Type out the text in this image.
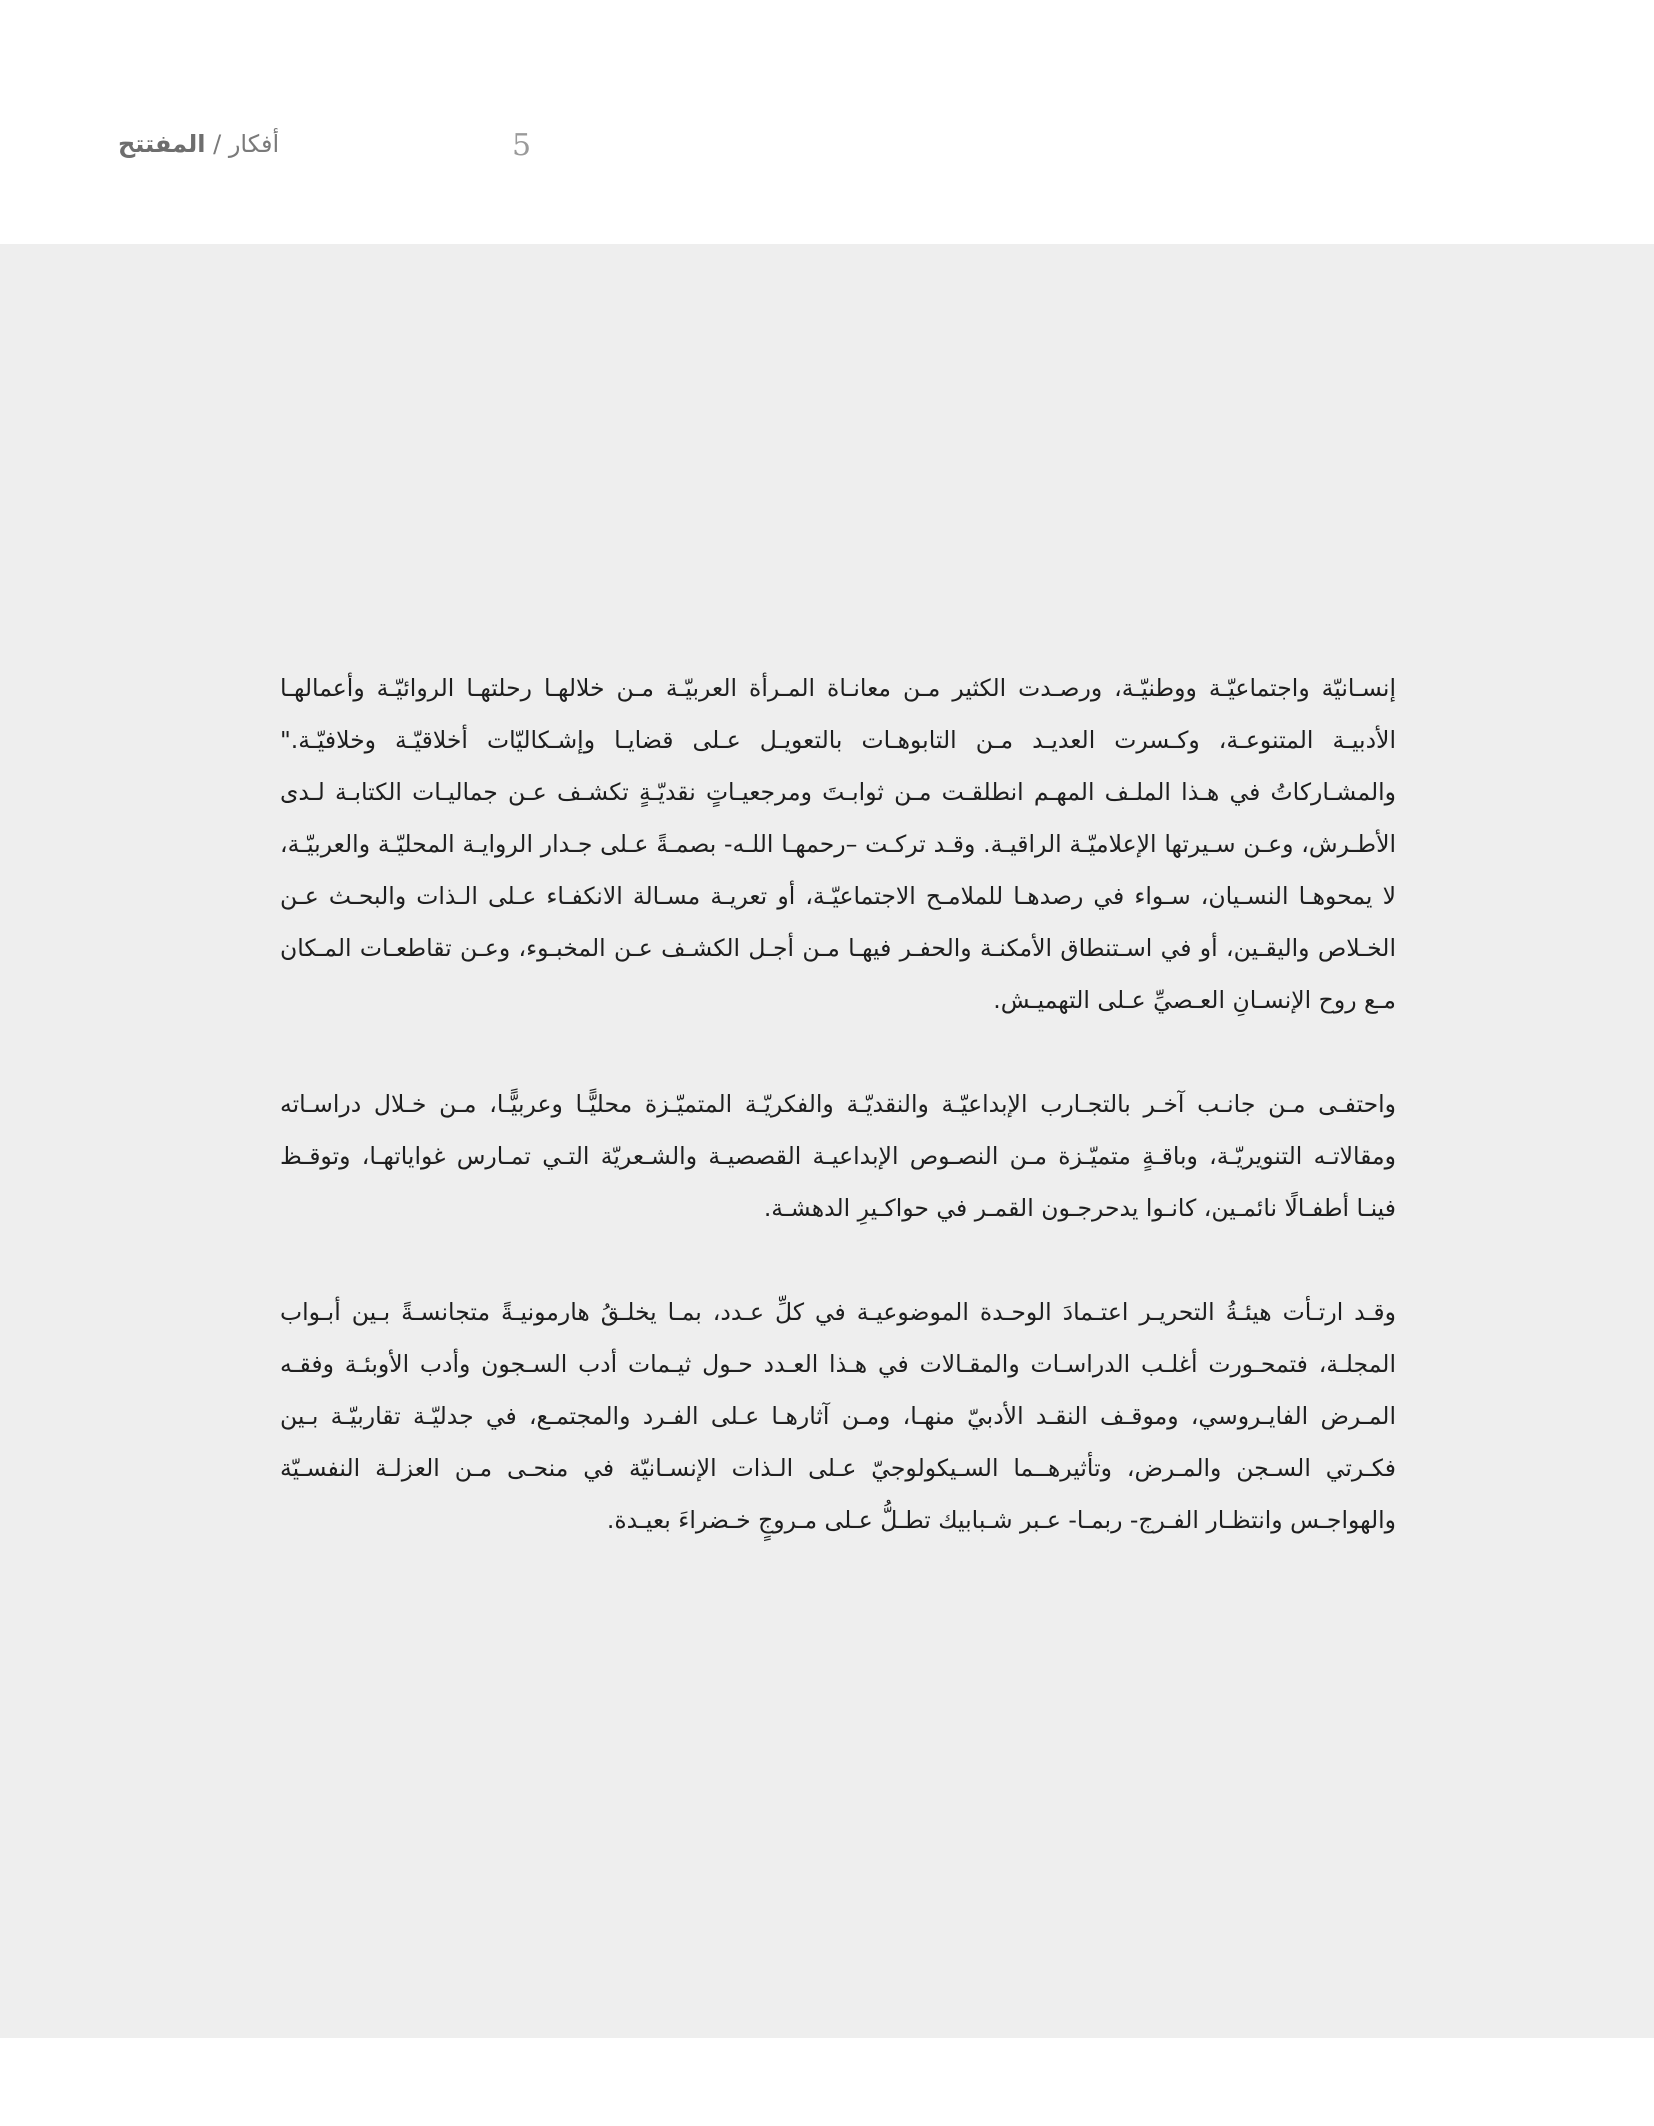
5
أفكار / المفتتح

إنسـانيّة واجتماعيّـة ووطنيّـة، ورصـدت الكثير مـن معانـاة المـرأة العربيّـة مـن خلالهـا رحلتهـا الروائيّـة وأعمالهـا الأدبيـة المتنوعـة، وكـسرت العديـد مـن التابوهـات بالتعويـل عـلى قضايـا وإشـكاليّات أخلاقيّـة وخلافيّـة." والمشـاركاتُ في هـذا الملـف المهـم انطلقـت مـن ثوابـتَ ومرجعيـاتٍ نقديّـةٍ تكشـف عـن جماليـات الكتابـة لـدى الأطـرش، وعـن سـيرتها الإعلاميّـة الراقيـة. وقـد تركـت –رحمهـا اللـه- بصمـةً عـلى جـدار الروايـة المحليّـة والعربيّـة، لا يمحوهـا النسـيان، سـواء في رصدهـا للملامـح الاجتماعيّـة، أو تعريـة مسـالة الانكفـاء عـلى الـذات والبحـث عـن الخـلاص واليقـين، أو في اسـتنطاق الأمكنـة والحفـر فيهـا مـن أجـل الكشـف عـن المخبـوء، وعـن تقاطعـات المـكان مـع روح الإنسـانِ العـصيِّ عـلى التهميـش.

واحتفـى مـن جانـب آخـر بالتجـارب الإبداعيّـة والنقديّـة والفكريّـة المتميّـزة محليًّـا وعربيًّـا، مـن خـلال دراسـاته ومقالاتـه التنويريّـة، وباقـةٍ متميّـزة مـن النصـوص الإبداعيـة القصصيـة والشـعريّة التـي تمـارس غواياتهـا، وتوقـظ فينـا أطفـالًا نائمـين، كانـوا يدحرجـون القمـر في حواكـيرِ الدهشـة.

وقـد ارتـأت هيئـةُ التحريـر اعتـمادَ الوحـدة الموضوعيـة في كلِّ عـدد، بمـا يخلـقُ هارمونيـةً متجانسـةً بـين أبـواب المجلـة، فتمحـورت أغلـب الدراسـات والمقـالات في هـذا العـدد حـول ثيـمات أدب السـجون وأدب الأوبئـة وفقـه المـرض الفايـروسي، وموقـف النقـد الأدبيّ منهـا، ومـن آثارهـا عـلى الفـرد والمجتمـع، في جدليّـة تقاربيّـة بـين فكـرتي السـجن والمـرض، وتأثيرهــما السـيكولوجيّ عـلى الـذات الإنسـانيّة في منحـى مـن العزلـة النفسـيّة والهواجـس وانتظـار الفـرج- ربمـا- عـبر شـبابيك تطـلُّ عـلى مـروجٍ خـضراءَ بعيـدة.
